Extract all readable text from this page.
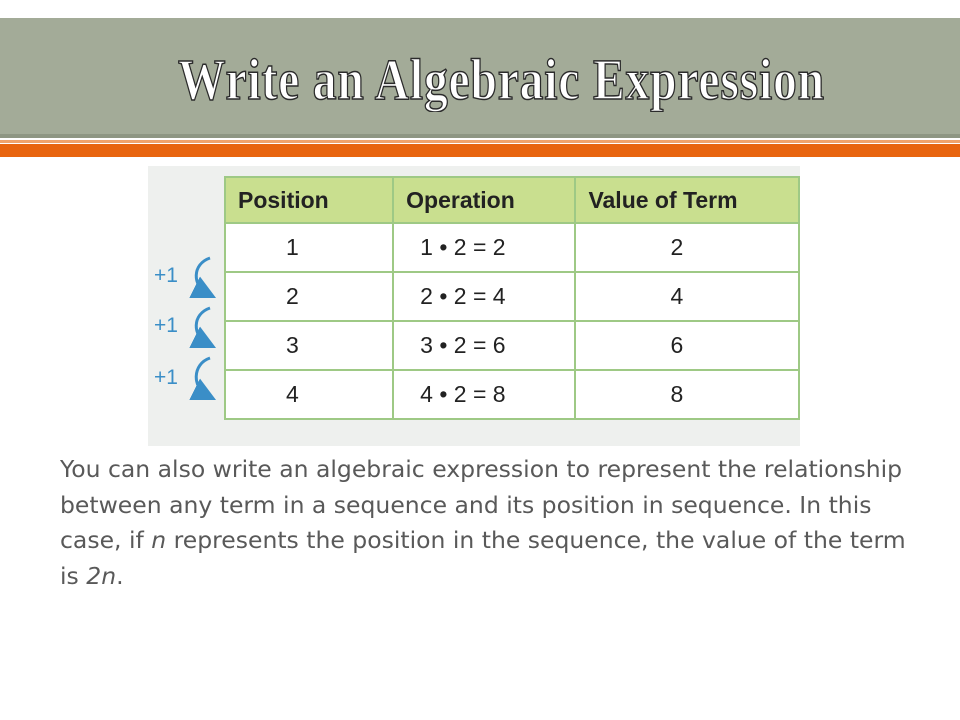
Write an Algebraic Expression
+1
+1
+1
Position	Operation	Value of Term
1	1 • 2 = 2	2
2	2 • 2 = 4	4
3	3 • 2 = 6	6
4	4 • 2 = 8	8

You can also write an algebraic expression to represent the relationship between any term in a sequence and its position in sequence. In this case, if n represents the position in the sequence, the value of the term is 2n.
